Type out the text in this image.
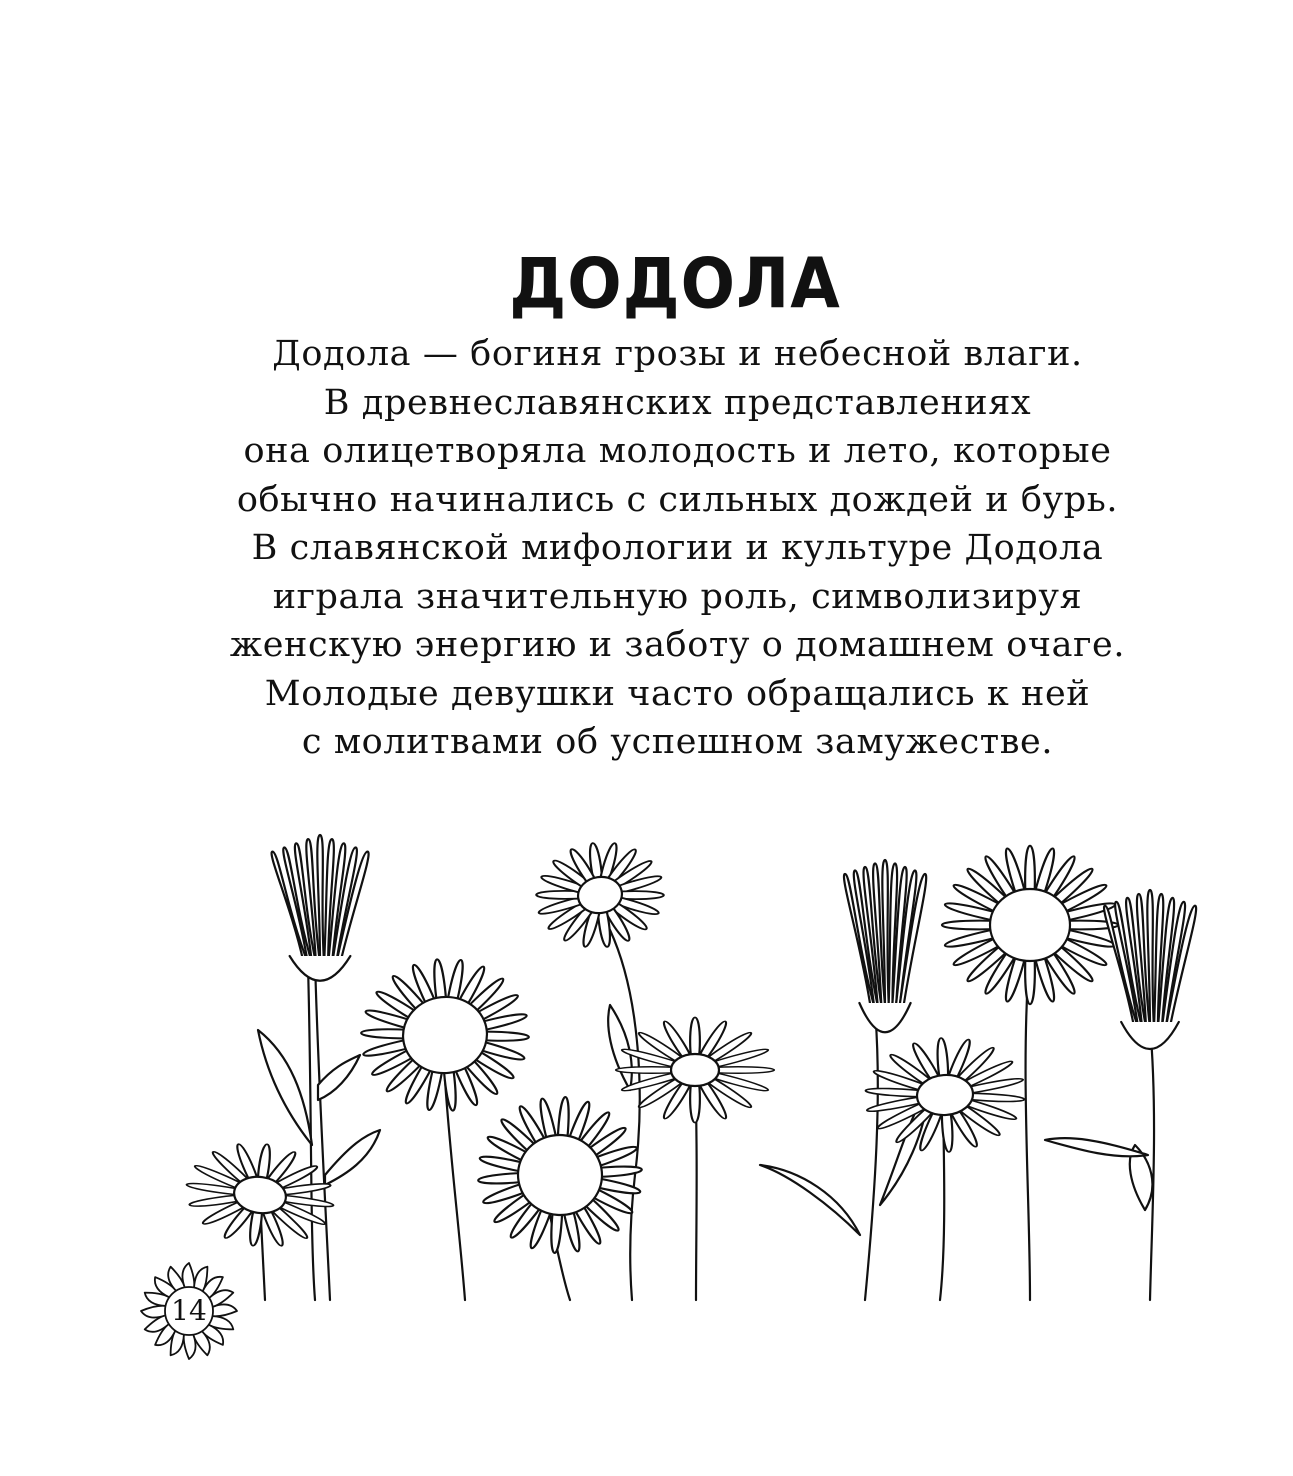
ДОДОЛА
Додола — богиня грозы и небесной влаги.
В древнеславянских представлениях
она олицетворяла молодость и лето, которые
обычно начинались с сильных дождей и бурь.
В славянской мифологии и культуре Додола
играла значительную роль, символизируя
женскую энергию и заботу о домашнем очаге.
Молодые девушки часто обращались к ней
с молитвами об успешном замужестве.
14
